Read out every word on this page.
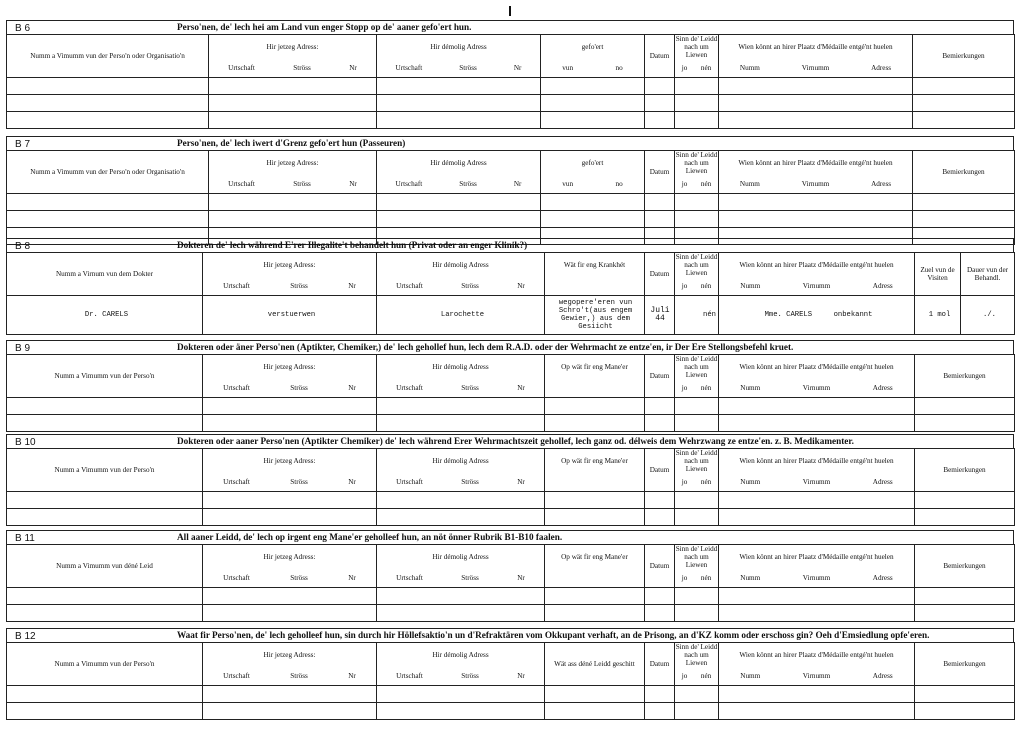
B 6	Perso'nen, de' lech hei am Land vun enger Stopp op de' aaner gefo'ert hun.
Numm a Vimumm vun der Perso'n oder Organisatio'n	Hir jetzeg Adress:	Hir démolig Adress	gefo'ert	Datum	Sinn de' Leidd nach um Liewen	Wien könnt an hirer Plaatz d'Médaille entgé'nt huelen	Bemierkungen

	Urtschaft Ströss Nr	Urtschaft Ströss Nr	vun no		jo nén	Numm Virnumm Adress	

B 7	Perso'nen, de' lech iwert d'Grenz gefo'ert hun (Passeuren)
Numm a Vimumm vun der Perso'n oder Organisatio'n	Hir jetzeg Adress:	Hir démolig Adress	gefo'ert	Datum	Sinn de' Leidd nach um Liewen	Wien könnt an hirer Plaatz d'Médaille entgé'nt huelen	Bemierkungen

	Urtschaft Ströss Nr	Urtschaft Ströss Nr	vun no		jo nén	Numm Virnumm Adress	

B 8	Dokteren de' lech während E'rer Illegalite't behandelt hun (Privat oder an enger Klinik?)
Numm a Virnum vun dem Dokter	Hir jetzeg Adress:	Hir démolig Adress	Wät fir eng Krankhét	Datum	Sinn de' Leidd nach um Liewen	Wien könnt an hirer Plaatz d'Médaille entgé'nt huelen	Zuel vun de Visiten	Dauer vun der Behandl.

	Urtschaft Ströss Nr	Urtschaft Ströss Nr			jo nén	Numm Virnumm Adress		

Dr. CARELS	verstuerwen	Larochette	wegopere'eren vun Schro't(aus engem Gewier,) aus dem Gesiicht	Juli 44	nén	Mme. CARELS onbekannt	1 mol	./.
B 9	Dokteren oder äner Perso'nen (Aptikter, Chemiker,) de' lech gehollef hun, lech dem R.A.D. oder der Wehrmacht ze entze'en, ir Der Ere Stellongsbefehl kruet.
Numm a Vimumm vun der Perso'n	Hir jetzeg Adress:	Hir démolig Adress	Op wät fir eng Mane'er	Datum	Sinn de' Leidd nach um Liewen	Wien könnt an hirer Plaatz d'Médaille entgé'nt huelen	Bemierkungen

	Urtschaft Ströss Nr	Urtschaft Ströss Nr			jo nén	Numm Virnumm Adress	

B 10	Dokteren oder aaner Perso'nen (Aptikter Chemiker) de' lech während Erer Wehrmachtszeit gehollef, lech ganz od. délweis dem Wehrzwang ze entze'en. z. B. Medikamenter.
Numm a Vimumm vun der Perso'n	Hir jetzeg Adress:	Hir démolig Adress	Op wät fir eng Mane'er	Datum	Sinn de' Leidd nach um Liewen	Wien könnt an hirer Plaatz d'Médaille entgé'nt huelen	Bemierkungen

	Urtschaft Ströss Nr	Urtschaft Ströss Nr			jo nén	Numm Virnumm Adress	

B 11	All aaner Leidd, de' lech op irgent eng Mane'er geholleef hun, an nöt önner Rubrik B1-B10 faalen.
Numm a Vimumm vun déné Leid	Hir jetzeg Adress:	Hir démolig Adress	Op wät fir eng Mane'er	Datum	Sinn de' Leidd nach um Liewen	Wien könnt an hirer Plaatz d'Médaille entgé'nt huelen	Bemierkungen

	Urtschaft Ströss Nr	Urtschaft Ströss Nr			jo nén	Numm Virnumm Adress	

B 12	Waat fir Perso'nen, de' lech geholleef hun, sin durch hir Höllefsaktio'n un d'Refraktären vom Okkupant verhaft, an de Prisong, an d'KZ komm oder erschoss gin? Oeh d'Emsiedlung opfe'eren.
Numm a Vimumm vun der Perso'n	Hir jetzeg Adress:	Hir démolig Adress	Wät ass déné Leidd geschitt	Datum	Sinn de' Leidd nach um Liewen	Wien könnt an hirer Plaatz d'Médaille entgé'nt huelen	Bemierkungen

	Urtschaft Ströss Nr	Urtschaft Ströss Nr			jo nén	Numm Virnumm Adress	
